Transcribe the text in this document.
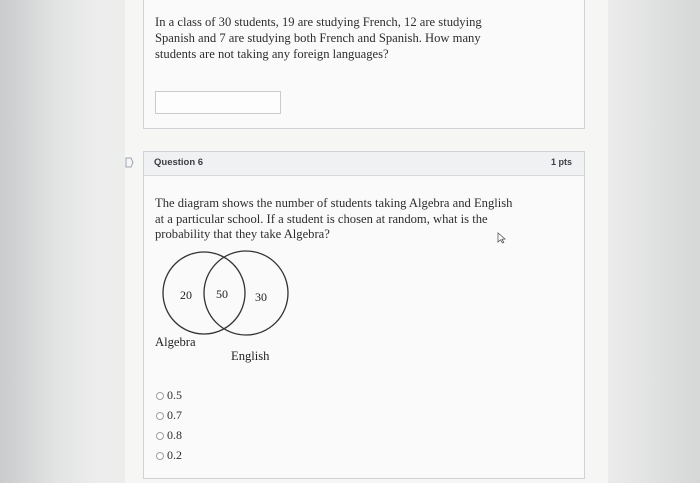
In a class of 30 students, 19 are studying French, 12 are studying Spanish and 7 are studying both French and Spanish. How many students are not taking any foreign languages?
Question 6	1 pts
The diagram shows the number of students taking Algebra and English at a particular school. If a student is chosen at random, what is the probability that they take Algebra?
20 50 30
Algebra
English
0.5
0.7
0.8
0.2
